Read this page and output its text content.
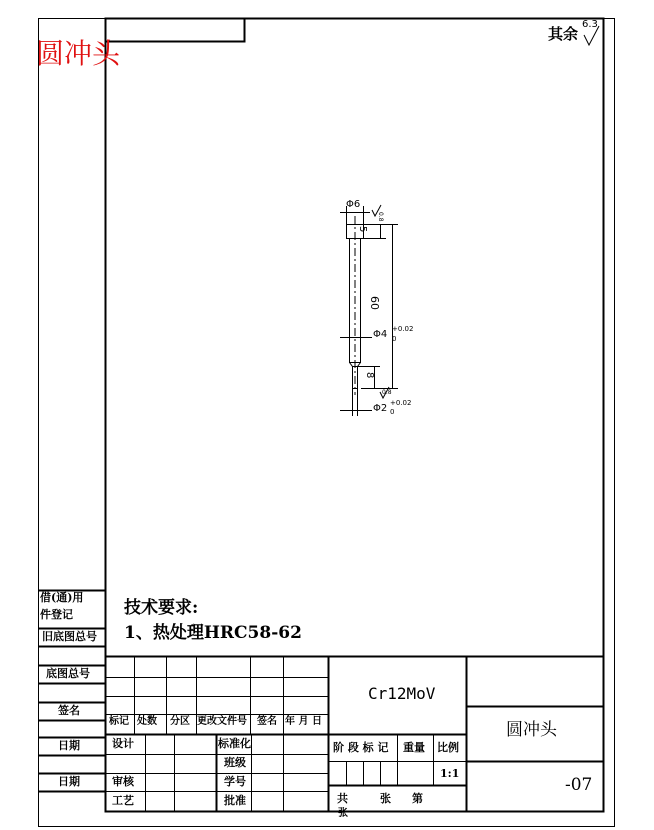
圆冲头
其余
6.3
借(通)用
件登记
旧底图总号
底图总号
签名
日期
日期
技术要求:
1、热处理HRC58-62
Φ6
5
60
Φ4 +0.02
0
8
Φ2 +0.02
0
0.8
0.8
标记 处数 分区 更改文件号 签名 年 月 日
设计	标准化
班级
审核	学号
工艺	批准
Cr12MoV
阶 段 标 记 重量 比例
1:1
共	张 第
张
圆冲头
-07
